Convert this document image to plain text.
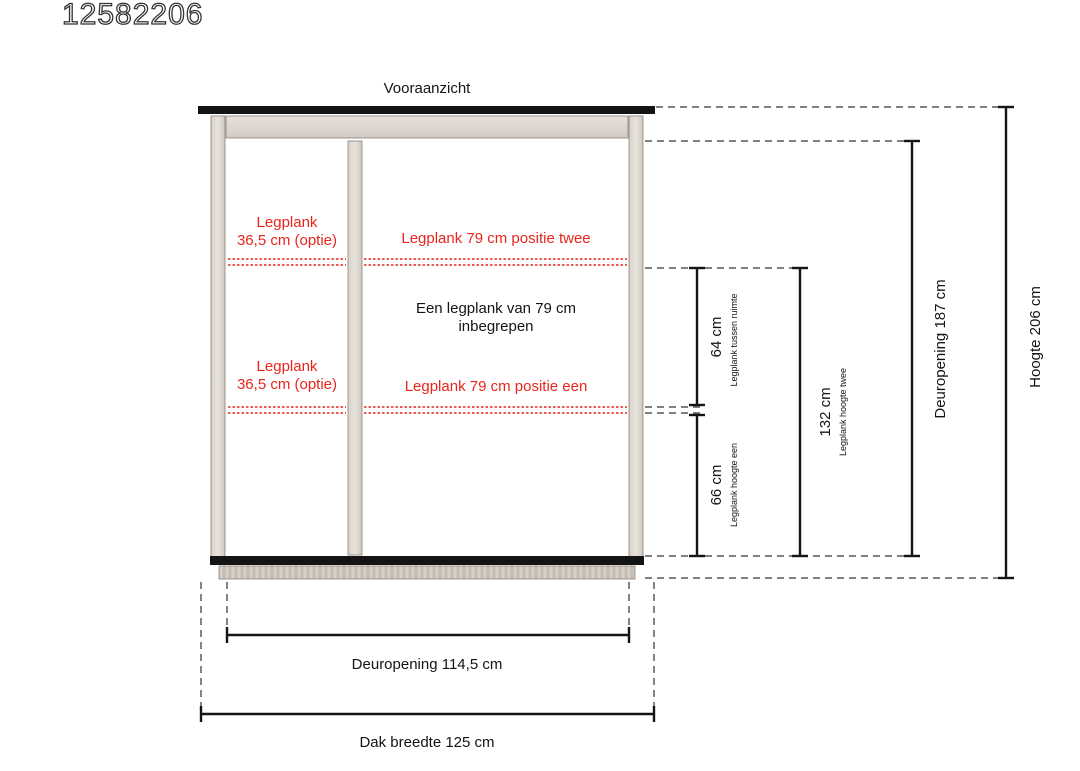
12582206
Vooraanzicht
Legplank
36,5 cm (optie)	Legplank 79 cm positie twee
Legplank
36,5 cm (optie)	Legplank 79 cm positie een
Een legplank van 79 cm
inbegrepen	64 cm Legplank tussen ruimte
66 cm Legplank hoogte een
132 cm Legplank hoogte twee	Deuropening 187 cm	Hoogte 206 cm
Deuropening 114,5 cm
Dak breedte 125 cm
